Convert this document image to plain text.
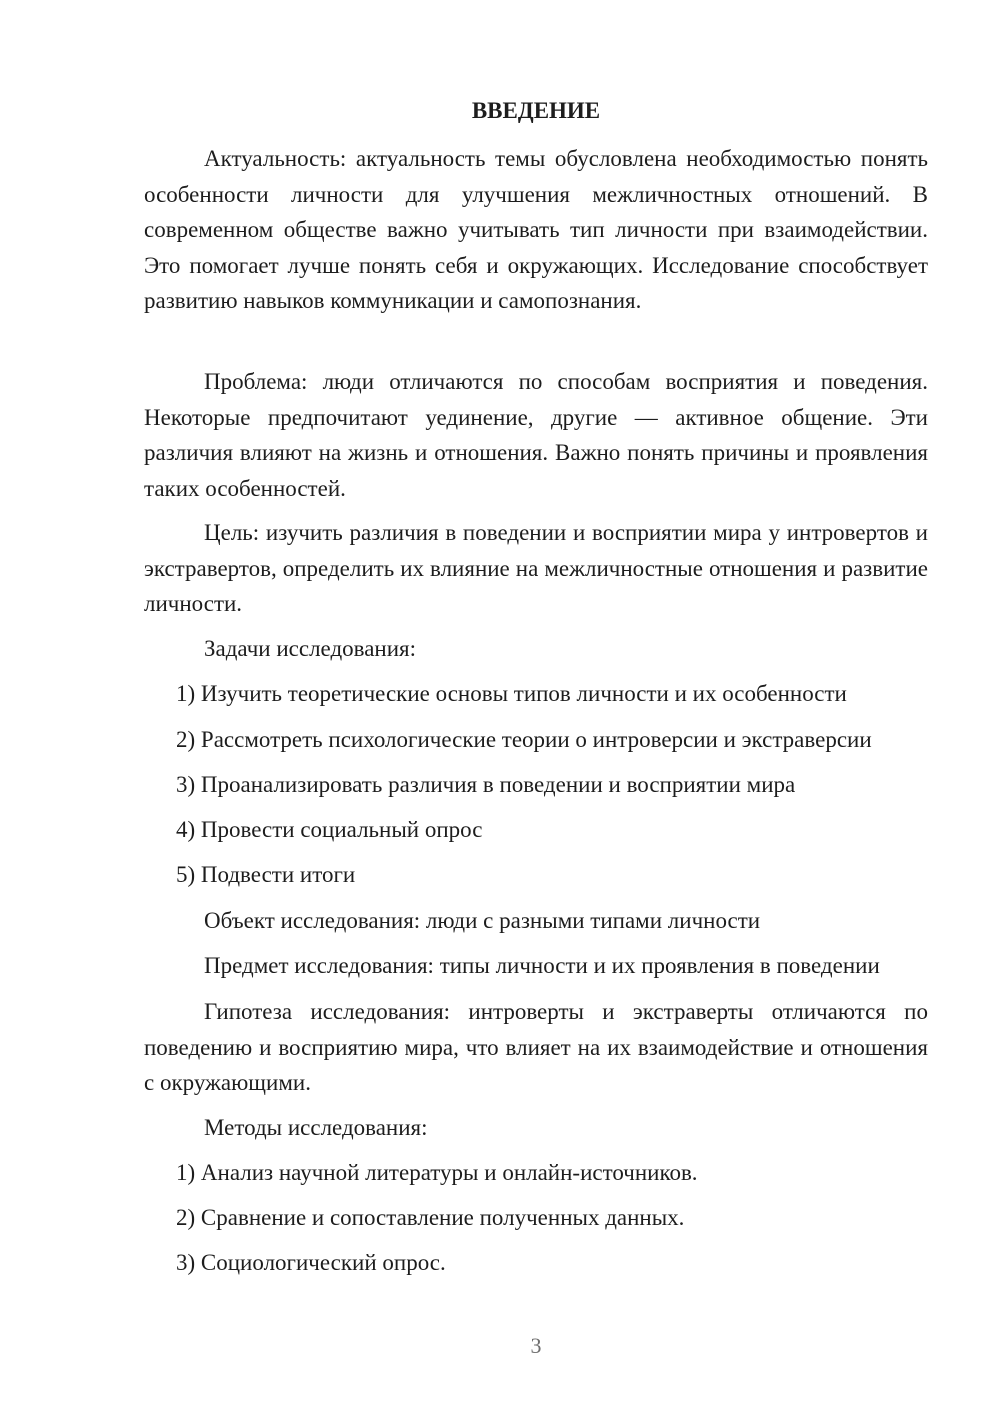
ВВЕДЕНИЕ

Актуальность: актуальность темы обусловлена необходимостью понять особенности личности для улучшения межличностных отношений. В современном обществе важно учитывать тип личности при взаимодействии. Это помогает лучше понять себя и окружающих. Исследование способствует развитию навыков коммуникации и самопознания.

Проблема: люди отличаются по способам восприятия и поведения. Некоторые предпочитают уединение, другие — активное общение. Эти различия влияют на жизнь и отношения. Важно понять причины и проявления таких особенностей.

Цель: изучить различия в поведении и восприятии мира у интровертов и экстравертов, определить их влияние на межличностные отношения и развитие личности.

Задачи исследования:

1) Изучить теоретические основы типов личности и их особенности

2) Рассмотреть психологические теории о интроверсии и экстраверсии

3) Проанализировать различия в поведении и восприятии мира

4) Провести социальный опрос

5) Подвести итоги

Объект исследования: люди с разными типами личности

Предмет исследования: типы личности и их проявления в поведении

Гипотеза исследования: интроверты и экстраверты отличаются по поведению и восприятию мира, что влияет на их взаимодействие и отношения с окружающими.

Методы исследования:

1) Анализ научной литературы и онлайн-источников.

2) Сравнение и сопоставление полученных данных.

3) Социологический опрос.

3
